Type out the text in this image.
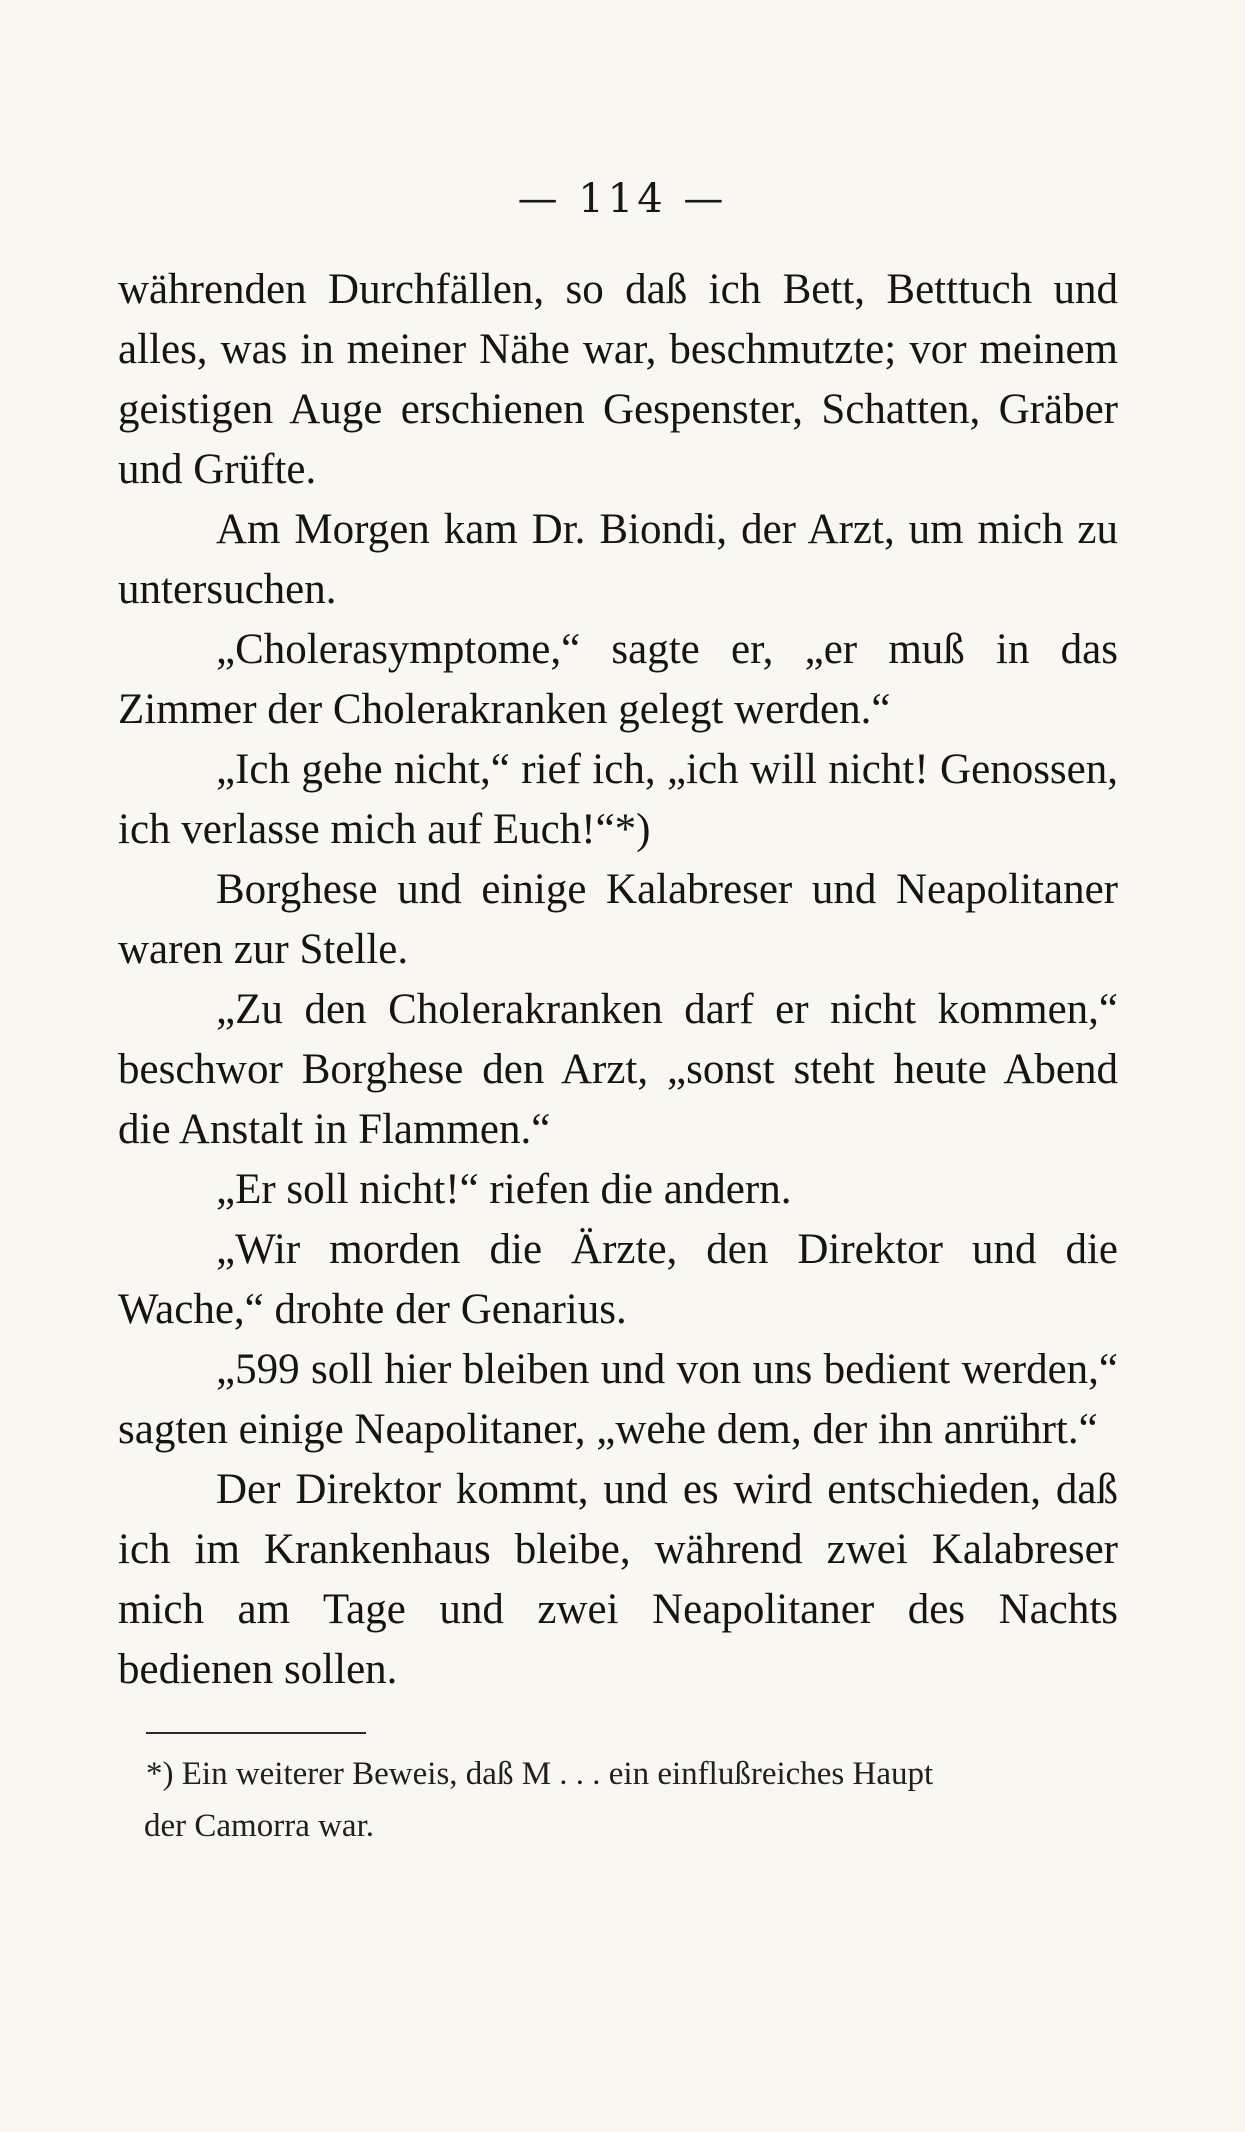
— 114 —

währenden Durchfällen, so daß ich Bett, Betttuch und alles, was in meiner Nähe war, beschmutzte; vor meinem geistigen Auge erschienen Gespenster, Schatten, Gräber und Grüfte.

Am Morgen kam Dr. Biondi, der Arzt, um mich zu untersuchen.

„Cholerasymptome,“ sagte er, „er muß in das Zimmer der Cholerakranken gelegt werden.“

„Ich gehe nicht,“ rief ich, „ich will nicht! Genossen, ich verlasse mich auf Euch!“*)

Borghese und einige Kalabreser und Neapolitaner waren zur Stelle.

„Zu den Cholerakranken darf er nicht kommen,“ beschwor Borghese den Arzt, „sonst steht heute Abend die Anstalt in Flammen.“

„Er soll nicht!“ riefen die andern.

„Wir morden die Ärzte, den Direktor und die Wache,“ drohte der Genarius.

„599 soll hier bleiben und von uns bedient werden,“ sagten einige Neapolitaner, „wehe dem, der ihn anrührt.“

Der Direktor kommt, und es wird entschieden, daß ich im Krankenhaus bleibe, während zwei Kalabreser mich am Tage und zwei Neapolitaner des Nachts bedienen sollen.

*) Ein weiterer Beweis, daß M . . . ein einflußreiches Haupt
der Camorra war.
